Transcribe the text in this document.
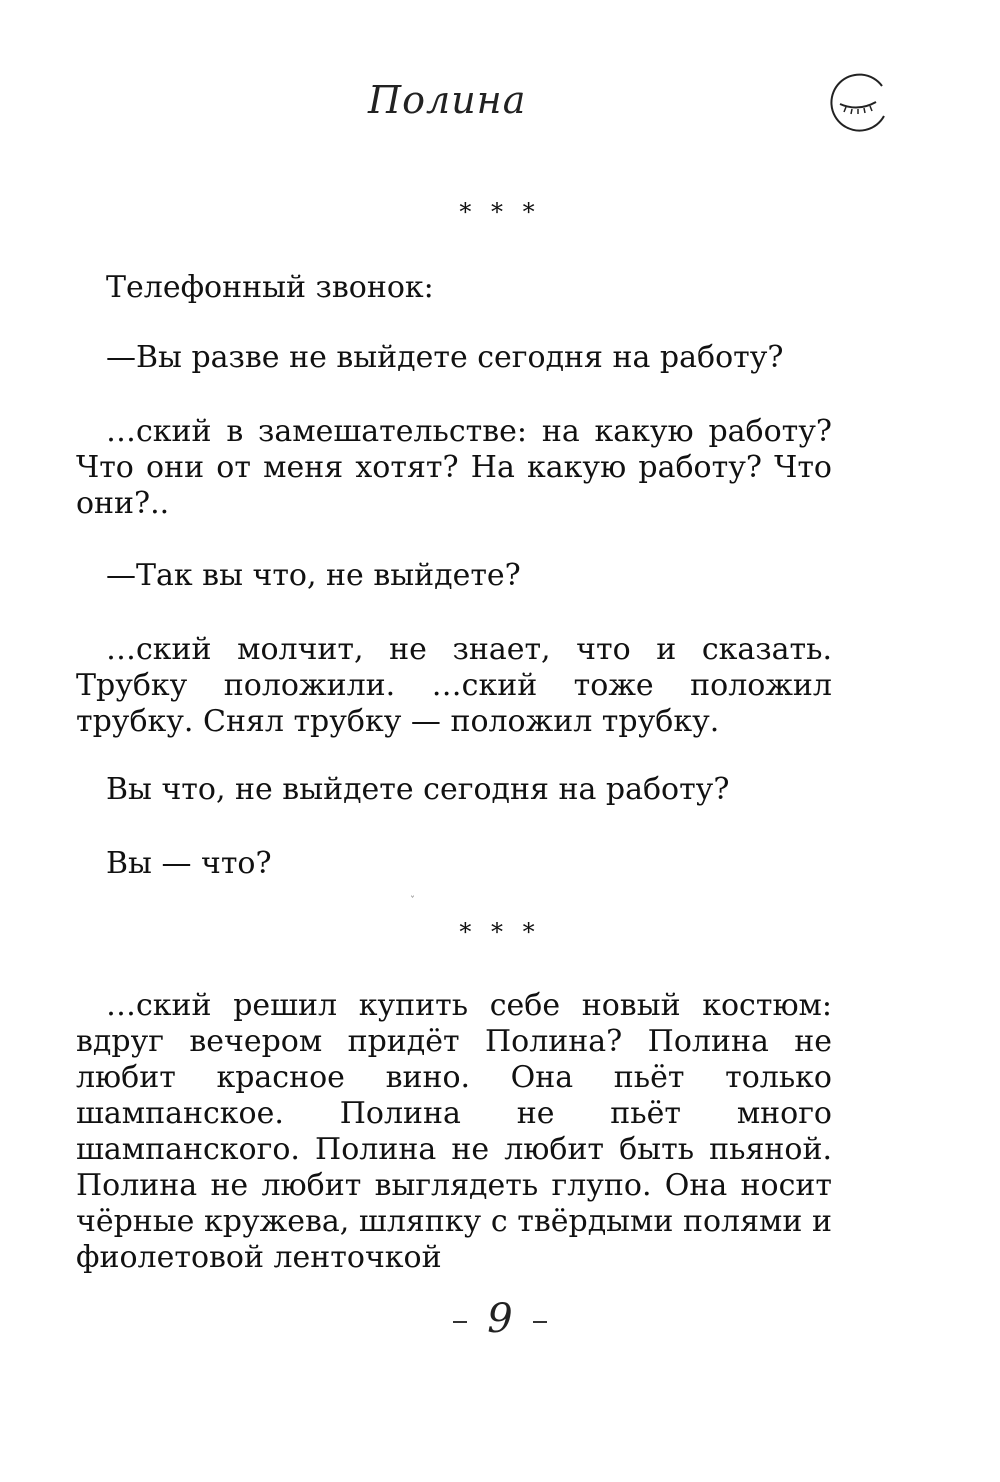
Полина
* * *

Телефонный звонок:

—Вы разве не выйдете сегодня на работу?

…ский в замешательстве: на какую работу? Что они от меня хотят? На какую работу? Что они?..

—Так вы что, не выйдете?

…ский молчит, не знает, что и сказать. Трубку положили. …ский тоже положил трубку. Снял трубку — положил трубку.

Вы что, не выйдете сегодня на работу?

Вы — что?

ˇ
* * *

…ский решил купить себе новый костюм: вдруг вечером придёт Полина? Полина не любит красное вино. Она пьёт только шампанское. Полина не пьёт много шампанского. Полина не любит быть пьяной. Полина не любит выглядеть глупо. Она носит чёрные кружева, шляпку с твёрдыми полями и фиолетовой ленточкой

9
